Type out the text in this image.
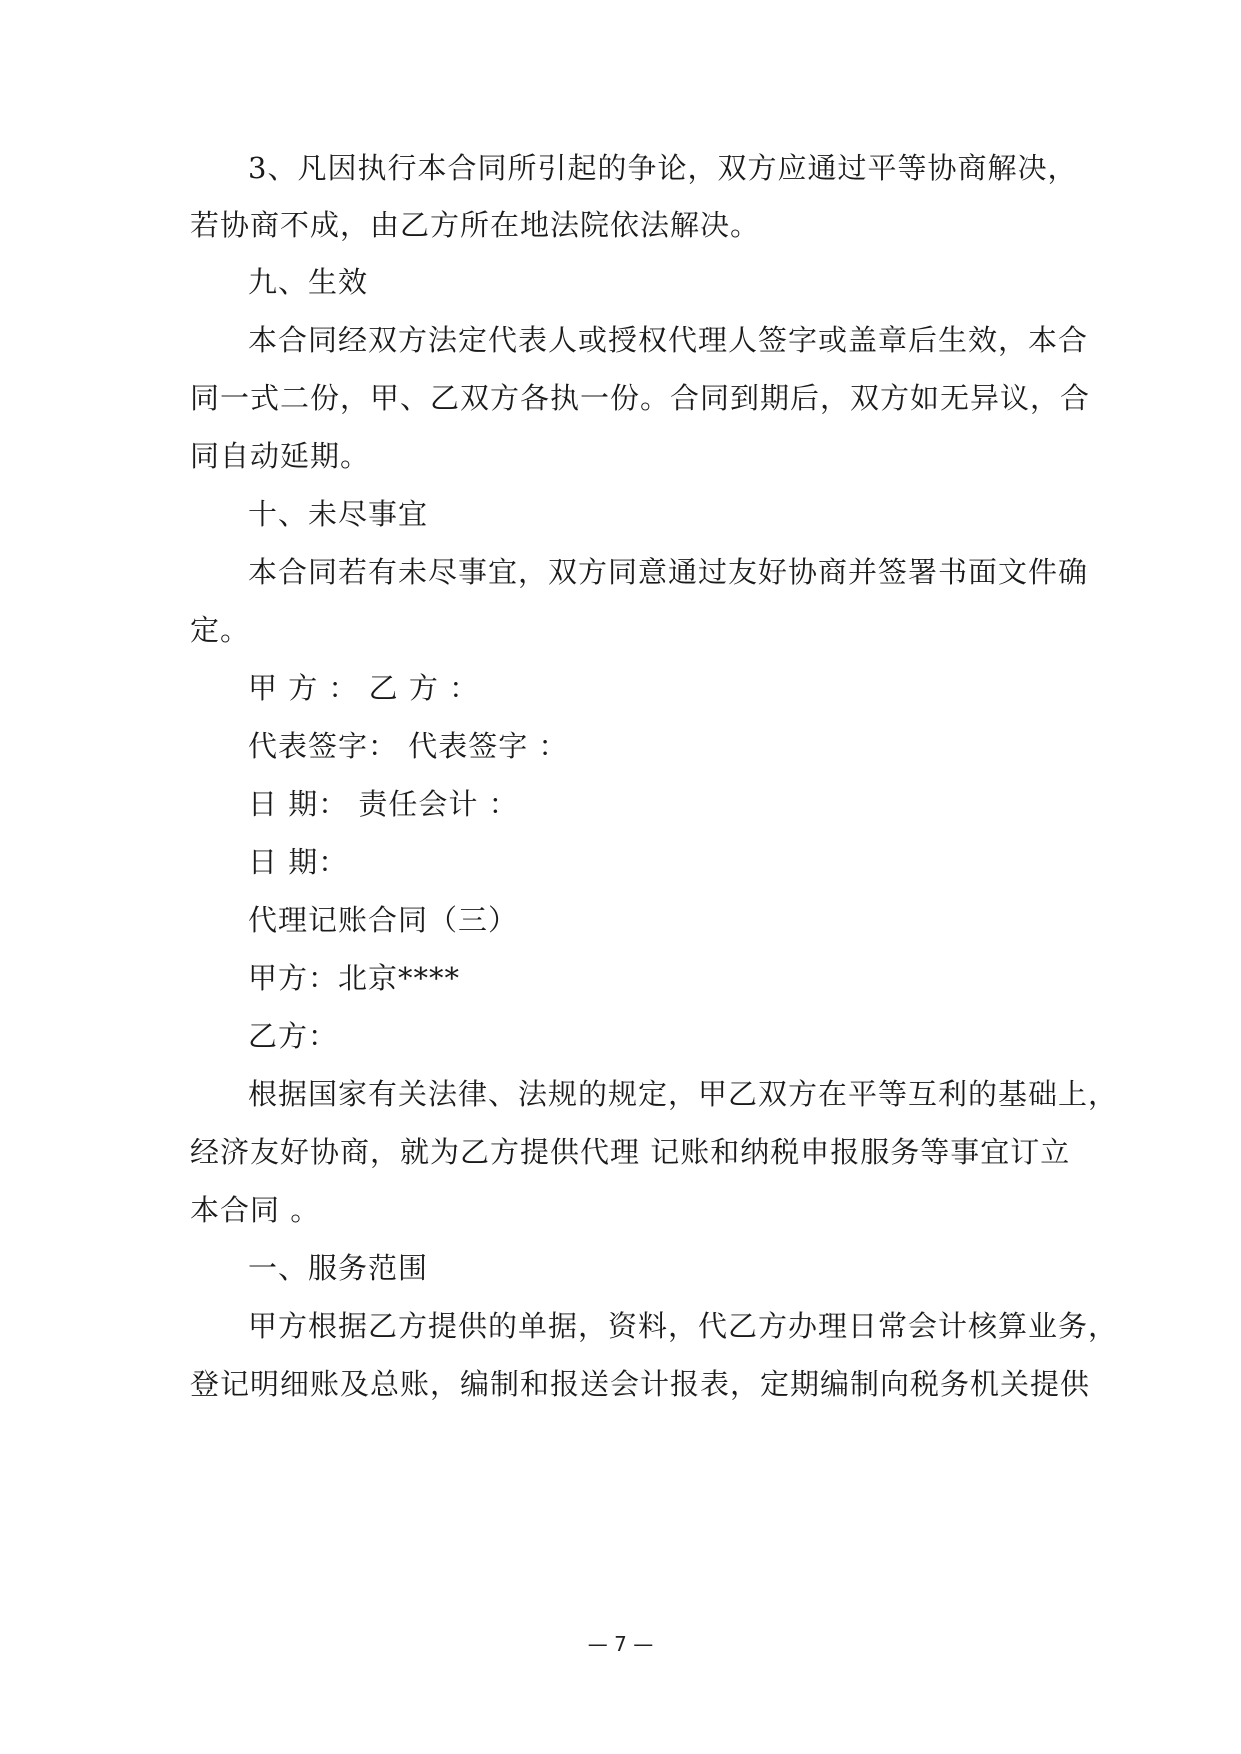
3、凡因执行本合同所引起的争论，双方应通过平等协商解决，
若协商不成，由乙方所在地法院依法解决。
九、生效
本合同经双方法定代表人或授权代理人签字或盖章后生效，本合
同一式二份，甲、乙双方各执一份。合同到期后，双方如无异议，合
同自动延期。
十、未尽事宜
本合同若有未尽事宜，双方同意通过友好协商并签署书面文件确
定。
甲 方 ： 乙 方 ：
代表签字： 代表签字 ：
日 期： 责任会计 ：
日 期：
代理记账合同（三）
甲方：北京****
乙方：
根据国家有关法律、法规的规定，甲乙双方在平等互利的基础上，
经济友好协商，就为乙方提供代理 记账和纳税申报服务等事宜订立
本合同 。
一、服务范围
甲方根据乙方提供的单据，资料，代乙方办理日常会计核算业务，
登记明细账及总账，编制和报送会计报表，定期编制向税务机关提供
— 7 —
